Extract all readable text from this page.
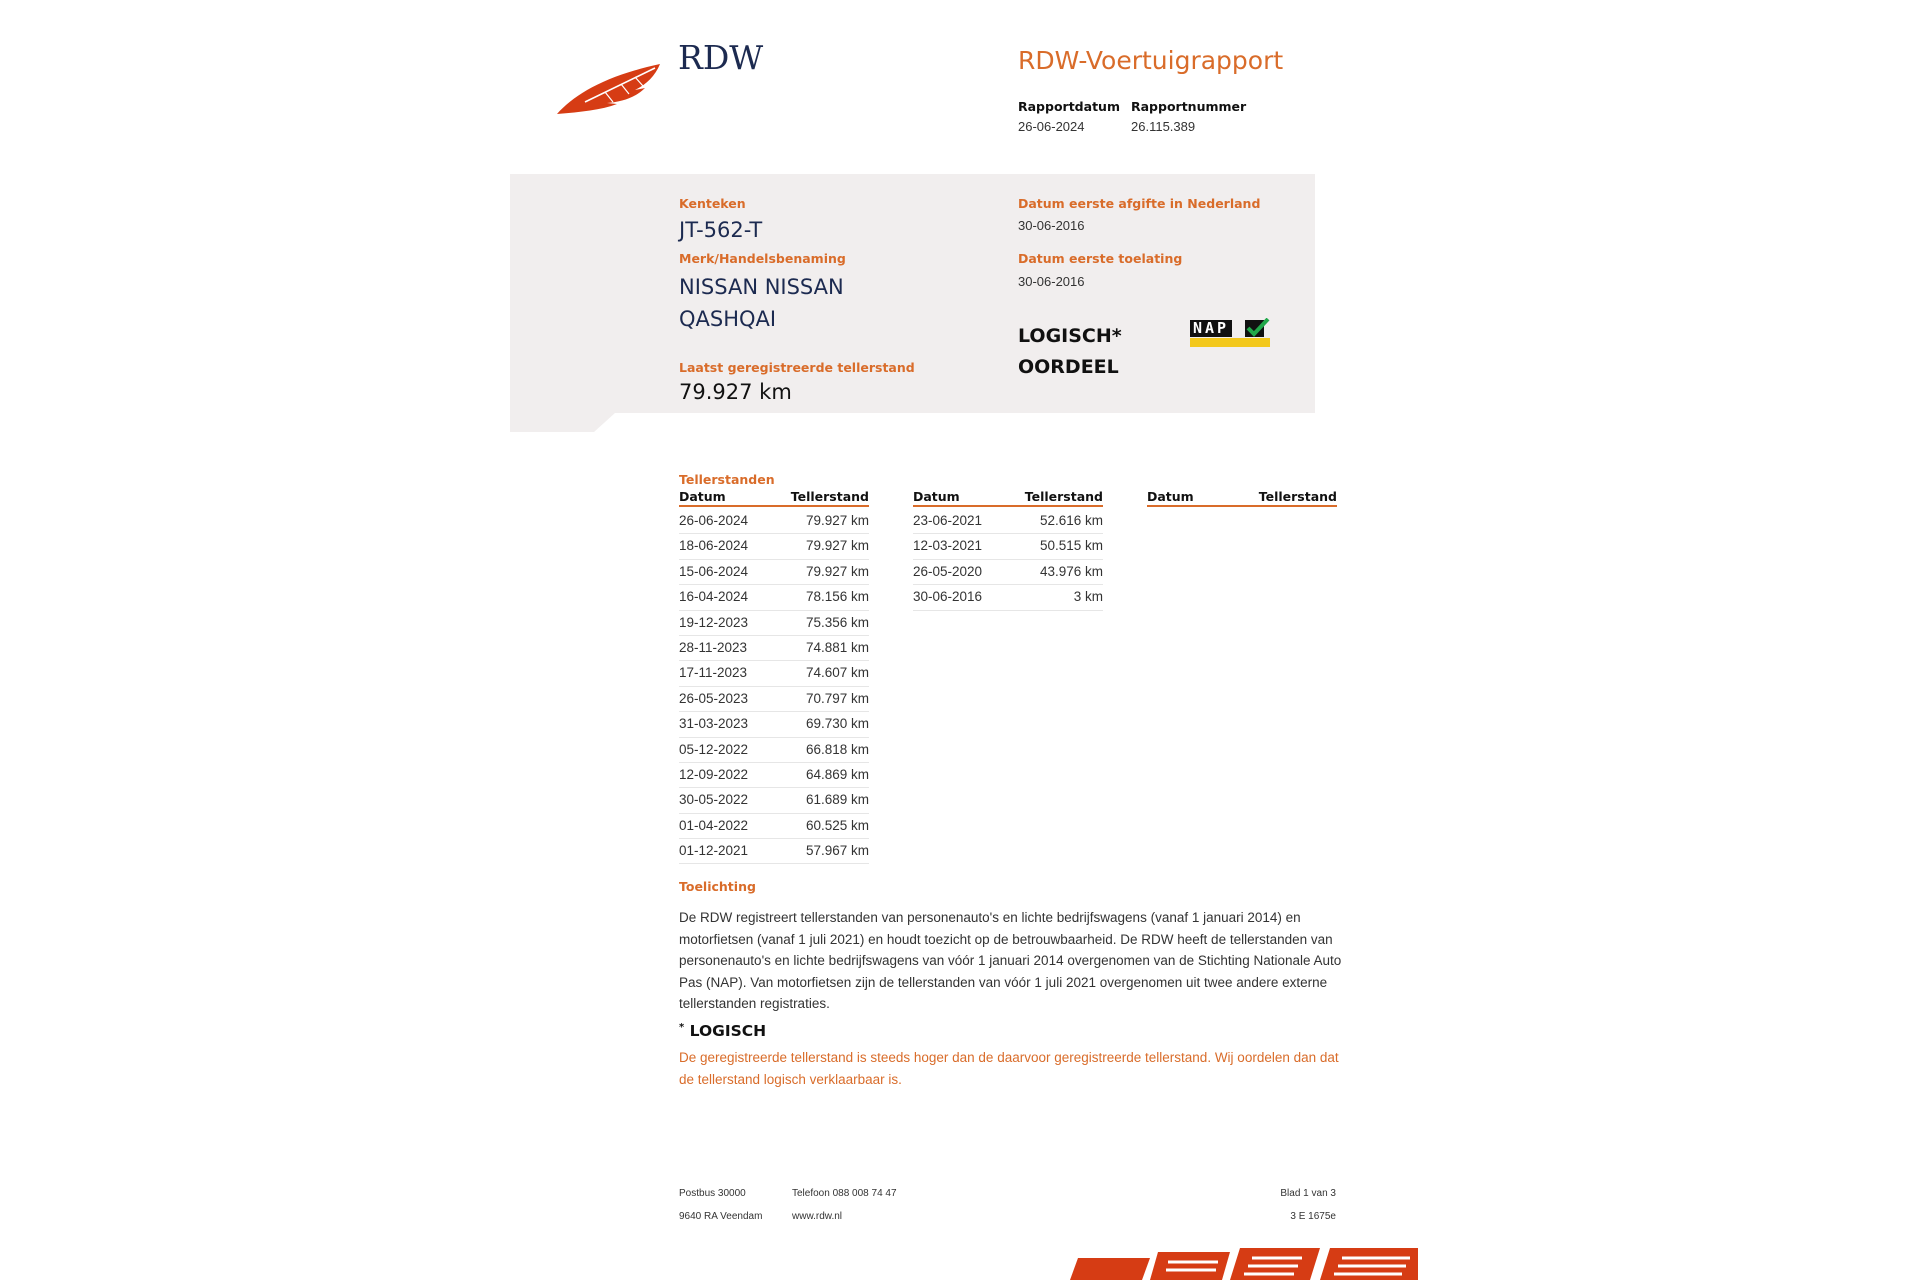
RDW	RDW-Voertuigrapport
Rapportdatum Rapportnummer
26-06-2024	26.115.389
Kenteken
JT-562-T
Merk/Handelsbenaming
NISSAN NISSAN
QASHQAI
Laatst geregistreerde tellerstand
79.927 km
Datum eerste afgifte in Nederland
30-06-2016
Datum eerste toelating
30-06-2016
LOGISCH*
OORDEEL
NAP
Tellerstanden
Datum	Tellerstand
26-06-2024	79.927 km
18-06-2024	79.927 km
15-06-2024	79.927 km
16-04-2024	78.156 km
19-12-2023	75.356 km
28-11-2023	74.881 km
17-11-2023	74.607 km
26-05-2023	70.797 km
31-03-2023	69.730 km
05-12-2022	66.818 km
12-09-2022	64.869 km
30-05-2022	61.689 km
01-04-2022	60.525 km
01-12-2021	57.967 km
Datum	Tellerstand
23-06-2021	52.616 km
12-03-2021	50.515 km
26-05-2020	43.976 km
30-06-2016	3 km
Datum	Tellerstand
Toelichting
De RDW registreert tellerstanden van personenauto's en lichte bedrijfswagens (vanaf 1 januari 2014) en motorfietsen (vanaf 1 juli 2021) en houdt toezicht op de betrouwbaarheid. De RDW heeft de tellerstanden van personenauto's en lichte bedrijfswagens van vóór 1 januari 2014 overgenomen van de Stichting Nationale Auto Pas (NAP). Van motorfietsen zijn de tellerstanden van vóór 1 juli 2021 overgenomen uit twee andere externe tellerstanden registraties.
* LOGISCH
De geregistreerde tellerstand is steeds hoger dan de daarvoor geregistreerde tellerstand. Wij oordelen dan dat de tellerstand logisch verklaarbaar is.
Postbus 30000
9640 RA Veendam
Telefoon 088 008 74 47
www.rdw.nl
Blad 1 van 3
3 E 1675e
